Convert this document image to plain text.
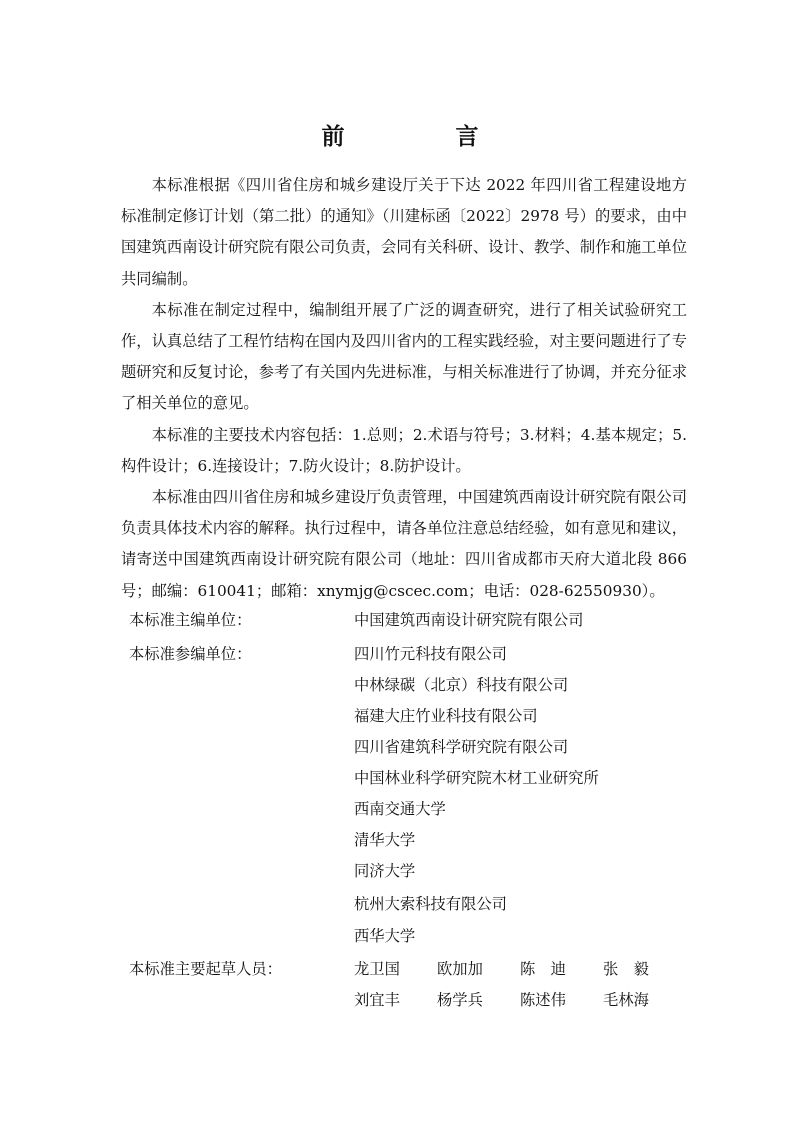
前　言

本标准根据《四川省住房和城乡建设厅关于下达 2022 年四川省工程建设地方标准制定修订计划（第二批）的通知》（川建标函〔2022〕2978 号）的要求，由中国建筑西南设计研究院有限公司负责，会同有关科研、设计、教学、制作和施工单位共同编制。

本标准在制定过程中，编制组开展了广泛的调查研究，进行了相关试验研究工作，认真总结了工程竹结构在国内及四川省内的工程实践经验，对主要问题进行了专题研究和反复讨论，参考了有关国内先进标准，与相关标准进行了协调，并充分征求了相关单位的意见。

本标准的主要技术内容包括：1.总则；2.术语与符号；3.材料；4.基本规定；5.构件设计；6.连接设计；7.防火设计；8.防护设计。

本标准由四川省住房和城乡建设厅负责管理，中国建筑西南设计研究院有限公司负责具体技术内容的解释。执行过程中，请各单位注意总结经验，如有意见和建议，请寄送中国建筑西南设计研究院有限公司（地址：四川省成都市天府大道北段 866 号；邮编：610041；邮箱：xnymjg@cscec.com；电话：028-62550930）。

本标准主编单位：	中国建筑西南设计研究院有限公司
本标准参编单位：	四川竹元科技有限公司
中林绿碳（北京）科技有限公司
福建大庄竹业科技有限公司
四川省建筑科学研究院有限公司
中国林业科学研究院木材工业研究所
西南交通大学
清华大学
同济大学
杭州大索科技有限公司
西华大学
本标准主要起草人员：	龙卫国 欧加加 陈　迪 张　毅
刘宜丰 杨学兵 陈述伟 毛林海
